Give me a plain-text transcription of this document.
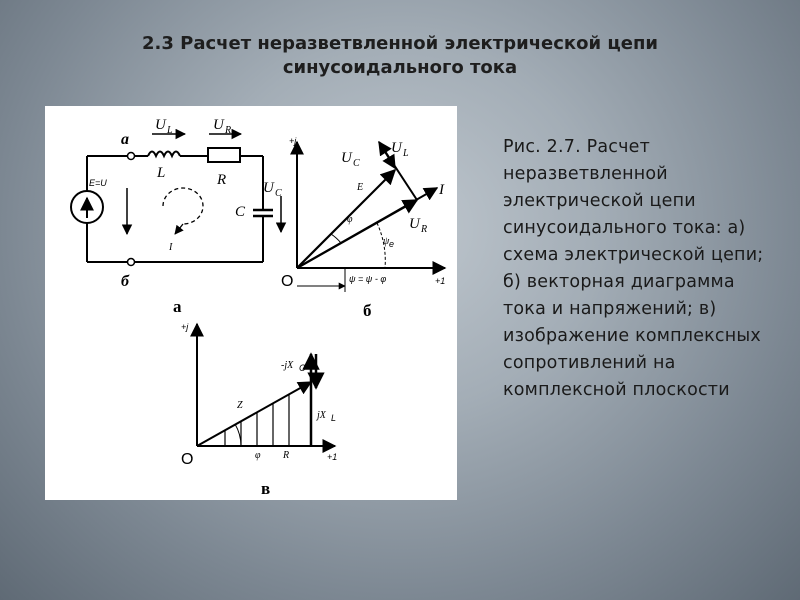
2.3 Расчет неразветвленной электрической цепи
синусоидального тока
a
б
U L	U R
U C
L	R
C
E=U
I
а
+j
+1
O
U C
U L
U R
E	I
φ
ψ e
ψ = ψ - φ
б
+j
+1
O
-jX C
jX L
Z
φ R
в
Рис. 2.7. Расчет неразветвленной электрической цепи синусоидального тока: а) схема электрической цепи; б) векторная диаграмма тока и напряжений; в) изображение комплексных сопротивлений на комплексной плоскости
